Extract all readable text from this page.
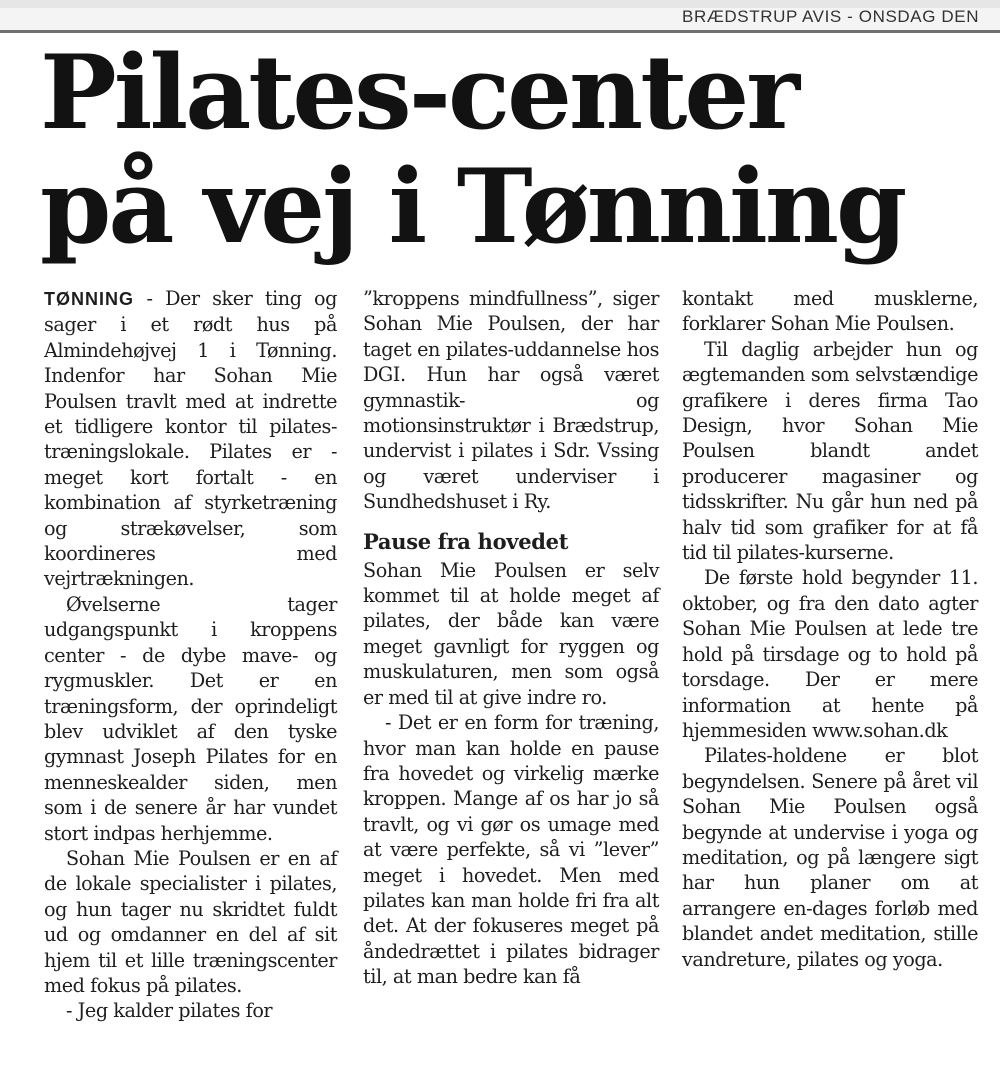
BRÆDSTRUP AVIS - ONSDAG DEN
Pilates-center
på vej i Tønning

TØNNING - Der sker ting og sager i et rødt hus på Almindehøjvej 1 i Tønning. Indenfor har Sohan Mie Poulsen travlt med at indrette et tidligere kontor til pilates-træningslokale. Pilates er - meget kort fortalt - en kombination af styrketræning og strækøvelser, som koordineres med vejrtrækningen.

Øvelserne tager udgangspunkt i kroppens center - de dybe mave- og rygmuskler. Det er en træningsform, der oprindeligt blev udviklet af den tyske gymnast Joseph Pilates for en menneskealder siden, men som i de senere år har vundet stort indpas herhjemme.

Sohan Mie Poulsen er en af de lokale specialister i pilates, og hun tager nu skridtet fuldt ud og omdanner en del af sit hjem til et lille træningscenter med fokus på pilates.

- Jeg kalder pilates for

”kroppens mindfullness”, siger Sohan Mie Poulsen, der har taget en pilates-uddannelse hos DGI. Hun har også været gymnastik- og motionsinstruktør i Brædstrup, undervist i pilates i Sdr. Vssing og været underviser i Sundhedshuset i Ry.

Pause fra hovedet

Sohan Mie Poulsen er selv kommet til at holde meget af pilates, der både kan være meget gavnligt for ryggen og muskulaturen, men som også er med til at give indre ro.

- Det er en form for træning, hvor man kan holde en pause fra hovedet og virkelig mærke kroppen. Mange af os har jo så travlt, og vi gør os umage med at være perfekte, så vi ”lever” meget i hovedet. Men med pilates kan man holde fri fra alt det. At der fokuseres meget på åndedrættet i pilates bidrager til, at man bedre kan få

kontakt med musklerne, forklarer Sohan Mie Poulsen.

Til daglig arbejder hun og ægtemanden som selvstændige grafikere i deres firma Tao Design, hvor Sohan Mie Poulsen blandt andet producerer magasiner og tidsskrifter. Nu går hun ned på halv tid som grafiker for at få tid til pilates-kurserne.

De første hold begynder 11. oktober, og fra den dato agter Sohan Mie Poulsen at lede tre hold på tirsdage og to hold på torsdage. Der er mere information at hente på hjemmesiden www.sohan.dk

Pilates-holdene er blot begyndelsen. Senere på året vil Sohan Mie Poulsen også begynde at undervise i yoga og meditation, og på længere sigt har hun planer om at arrangere en-dages forløb med blandet andet meditation, stille vandreture, pilates og yoga.
